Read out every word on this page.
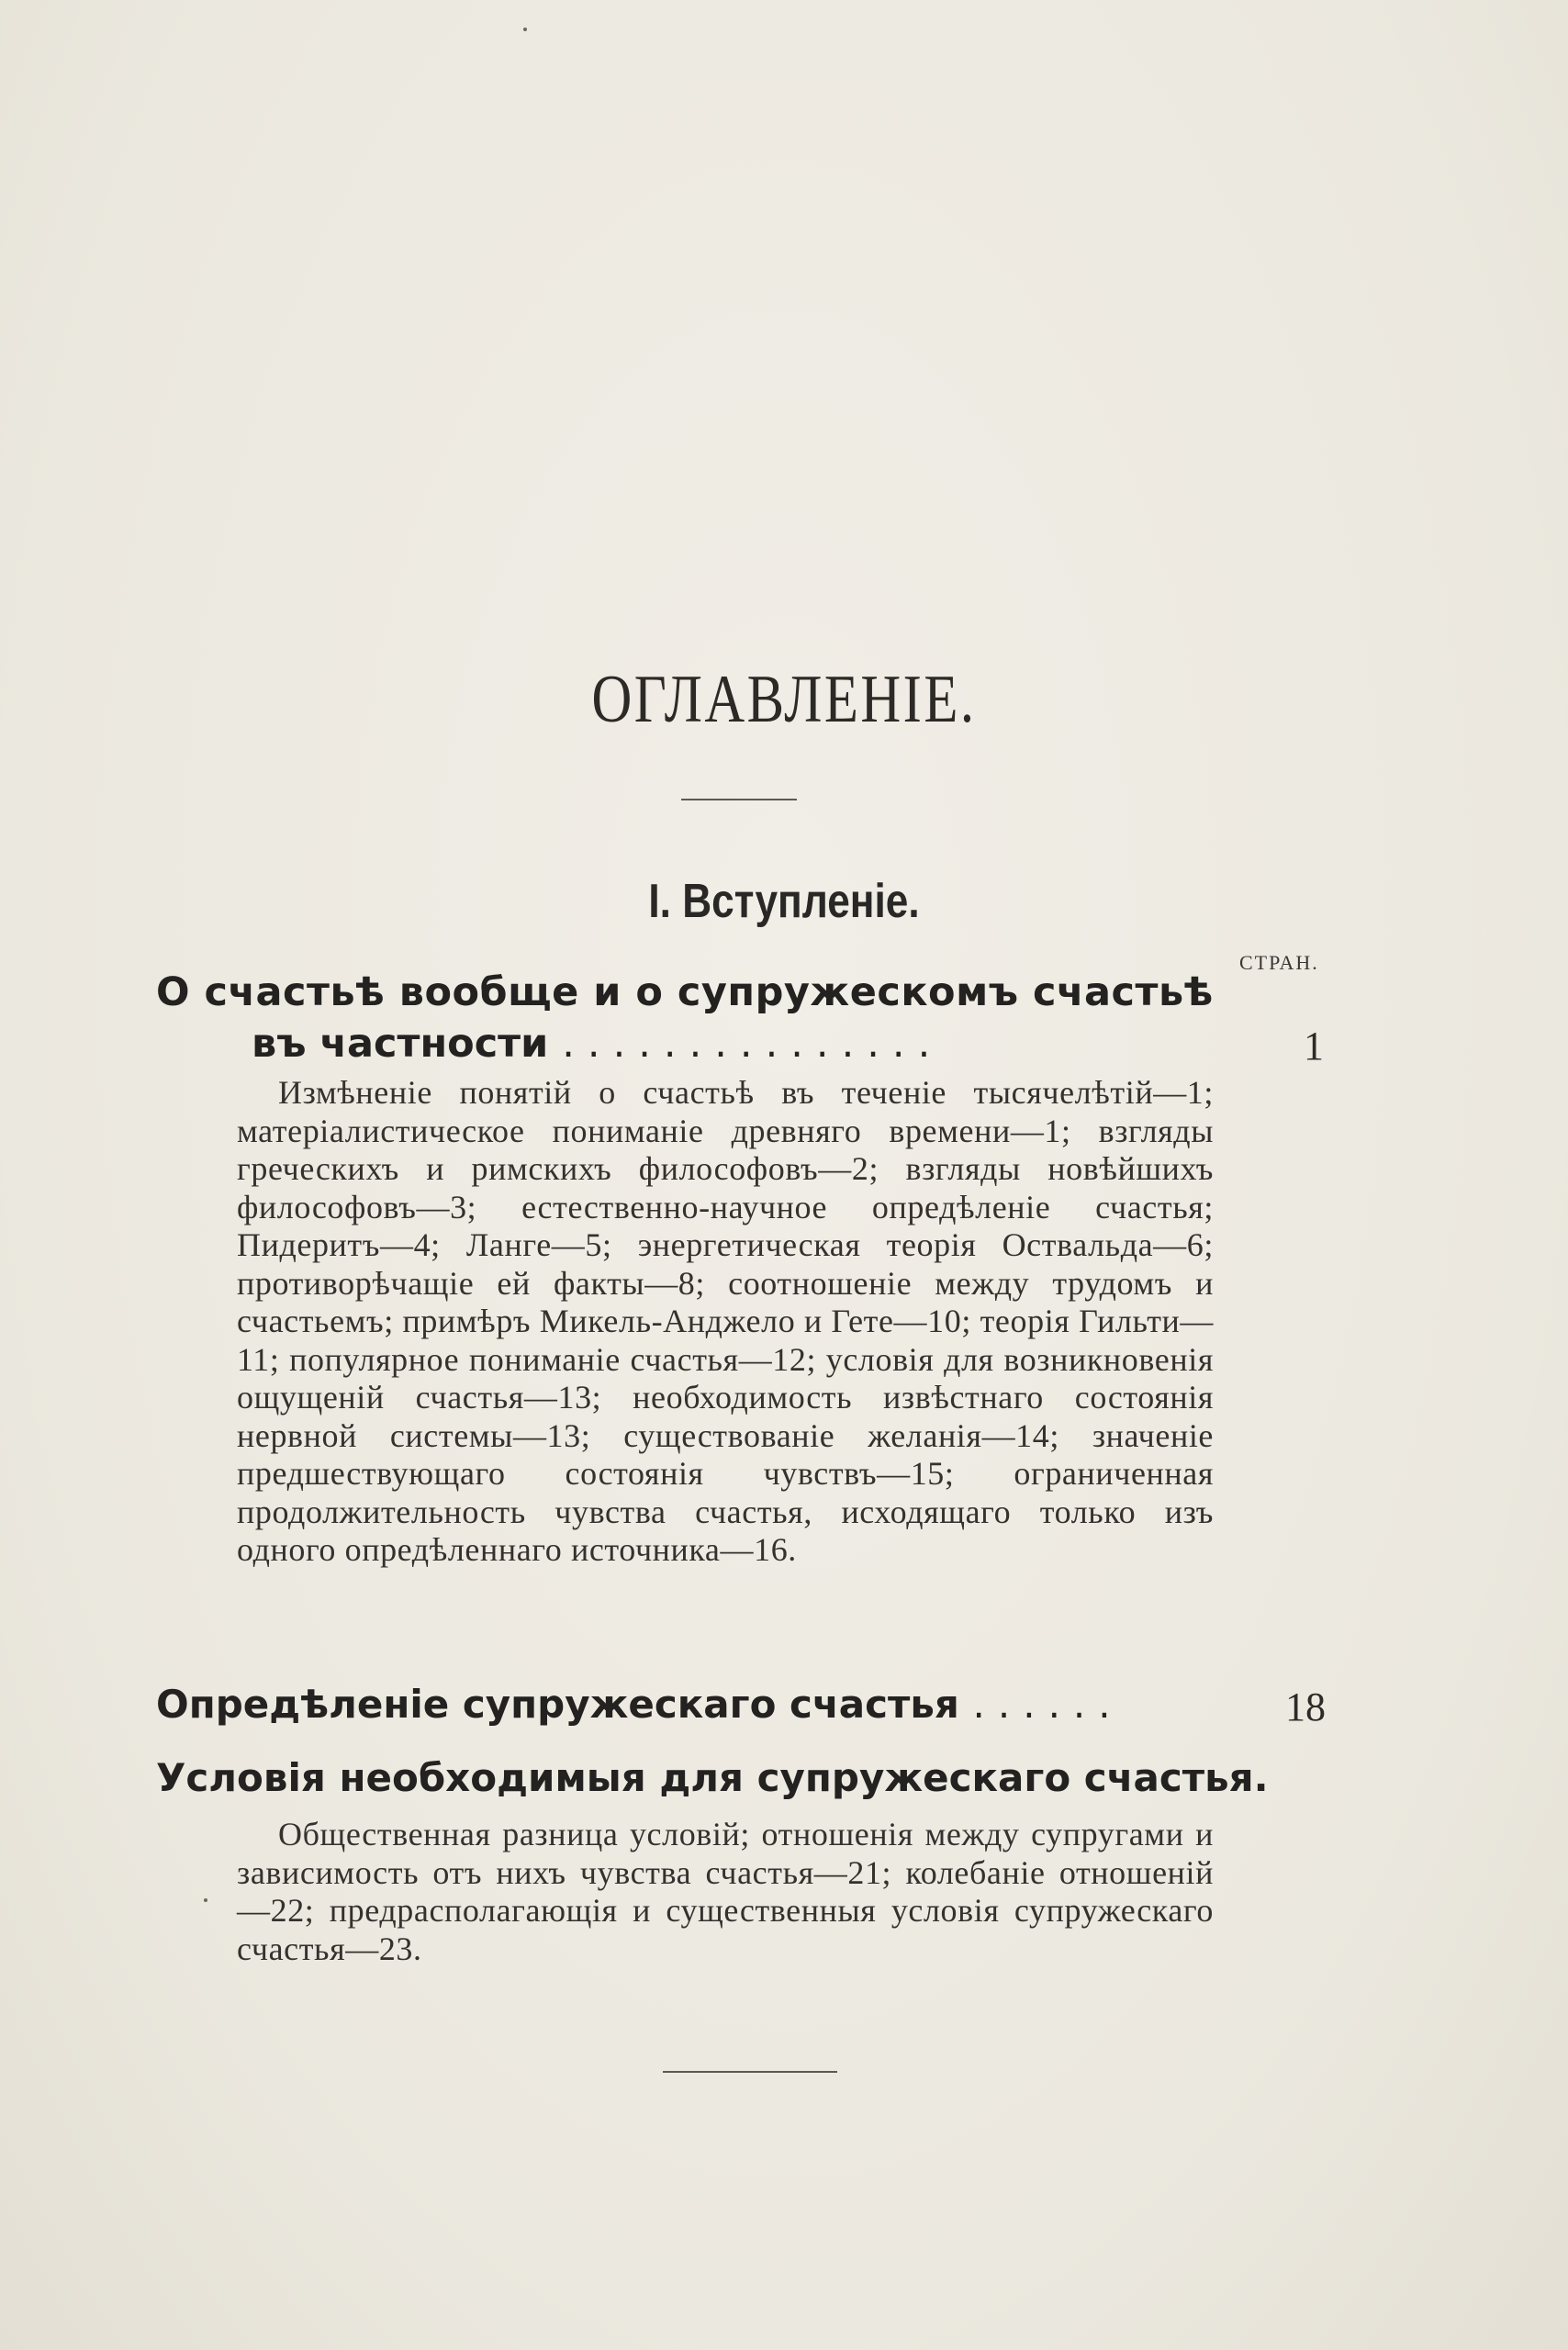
ОГЛАВЛЕНІЕ.
I. Вступленіе.
СТРАН.
О счастьѣ вообще и о супружескомъ счастьѣ
въ частности ...............	1
Измѣненіе понятій о счастьѣ въ теченіе тысячелѣтій—1; матеріалистическое пониманіе древняго времени—1; взгляды греческихъ и римскихъ философовъ—2; взгляды новѣйшихъ философовъ—3; естественно-научное опредѣленіе счастья; Пидеритъ—4; Ланге—5; энергетическая теорія Оствальда—6; противорѣчащіе ей факты—8; соотношеніе между трудомъ и счастьемъ; примѣръ Микель-Анджело и Гете—10; теорія Гильти—11; популярное пониманіе счастья—12; условія для возникновенія ощущеній счастья—13; необходимость извѣстнаго состоянія нервной системы—13; существованіе желанія—14; значеніе предшествующаго состоянія чувствъ—15; ограниченная продолжительность чувства счастья, исходящаго только изъ одного опредѣленнаго источника—16.
Опредѣленіе супружескаго счастья ......	18
Условія необходимыя для супружескаго счастья.
Общественная разница условій; отношенія между супругами и зависимость отъ нихъ чувства счастья—21; колебаніе отношеній—22; предрасполагающія и существенныя условія супружескаго счастья—23.
